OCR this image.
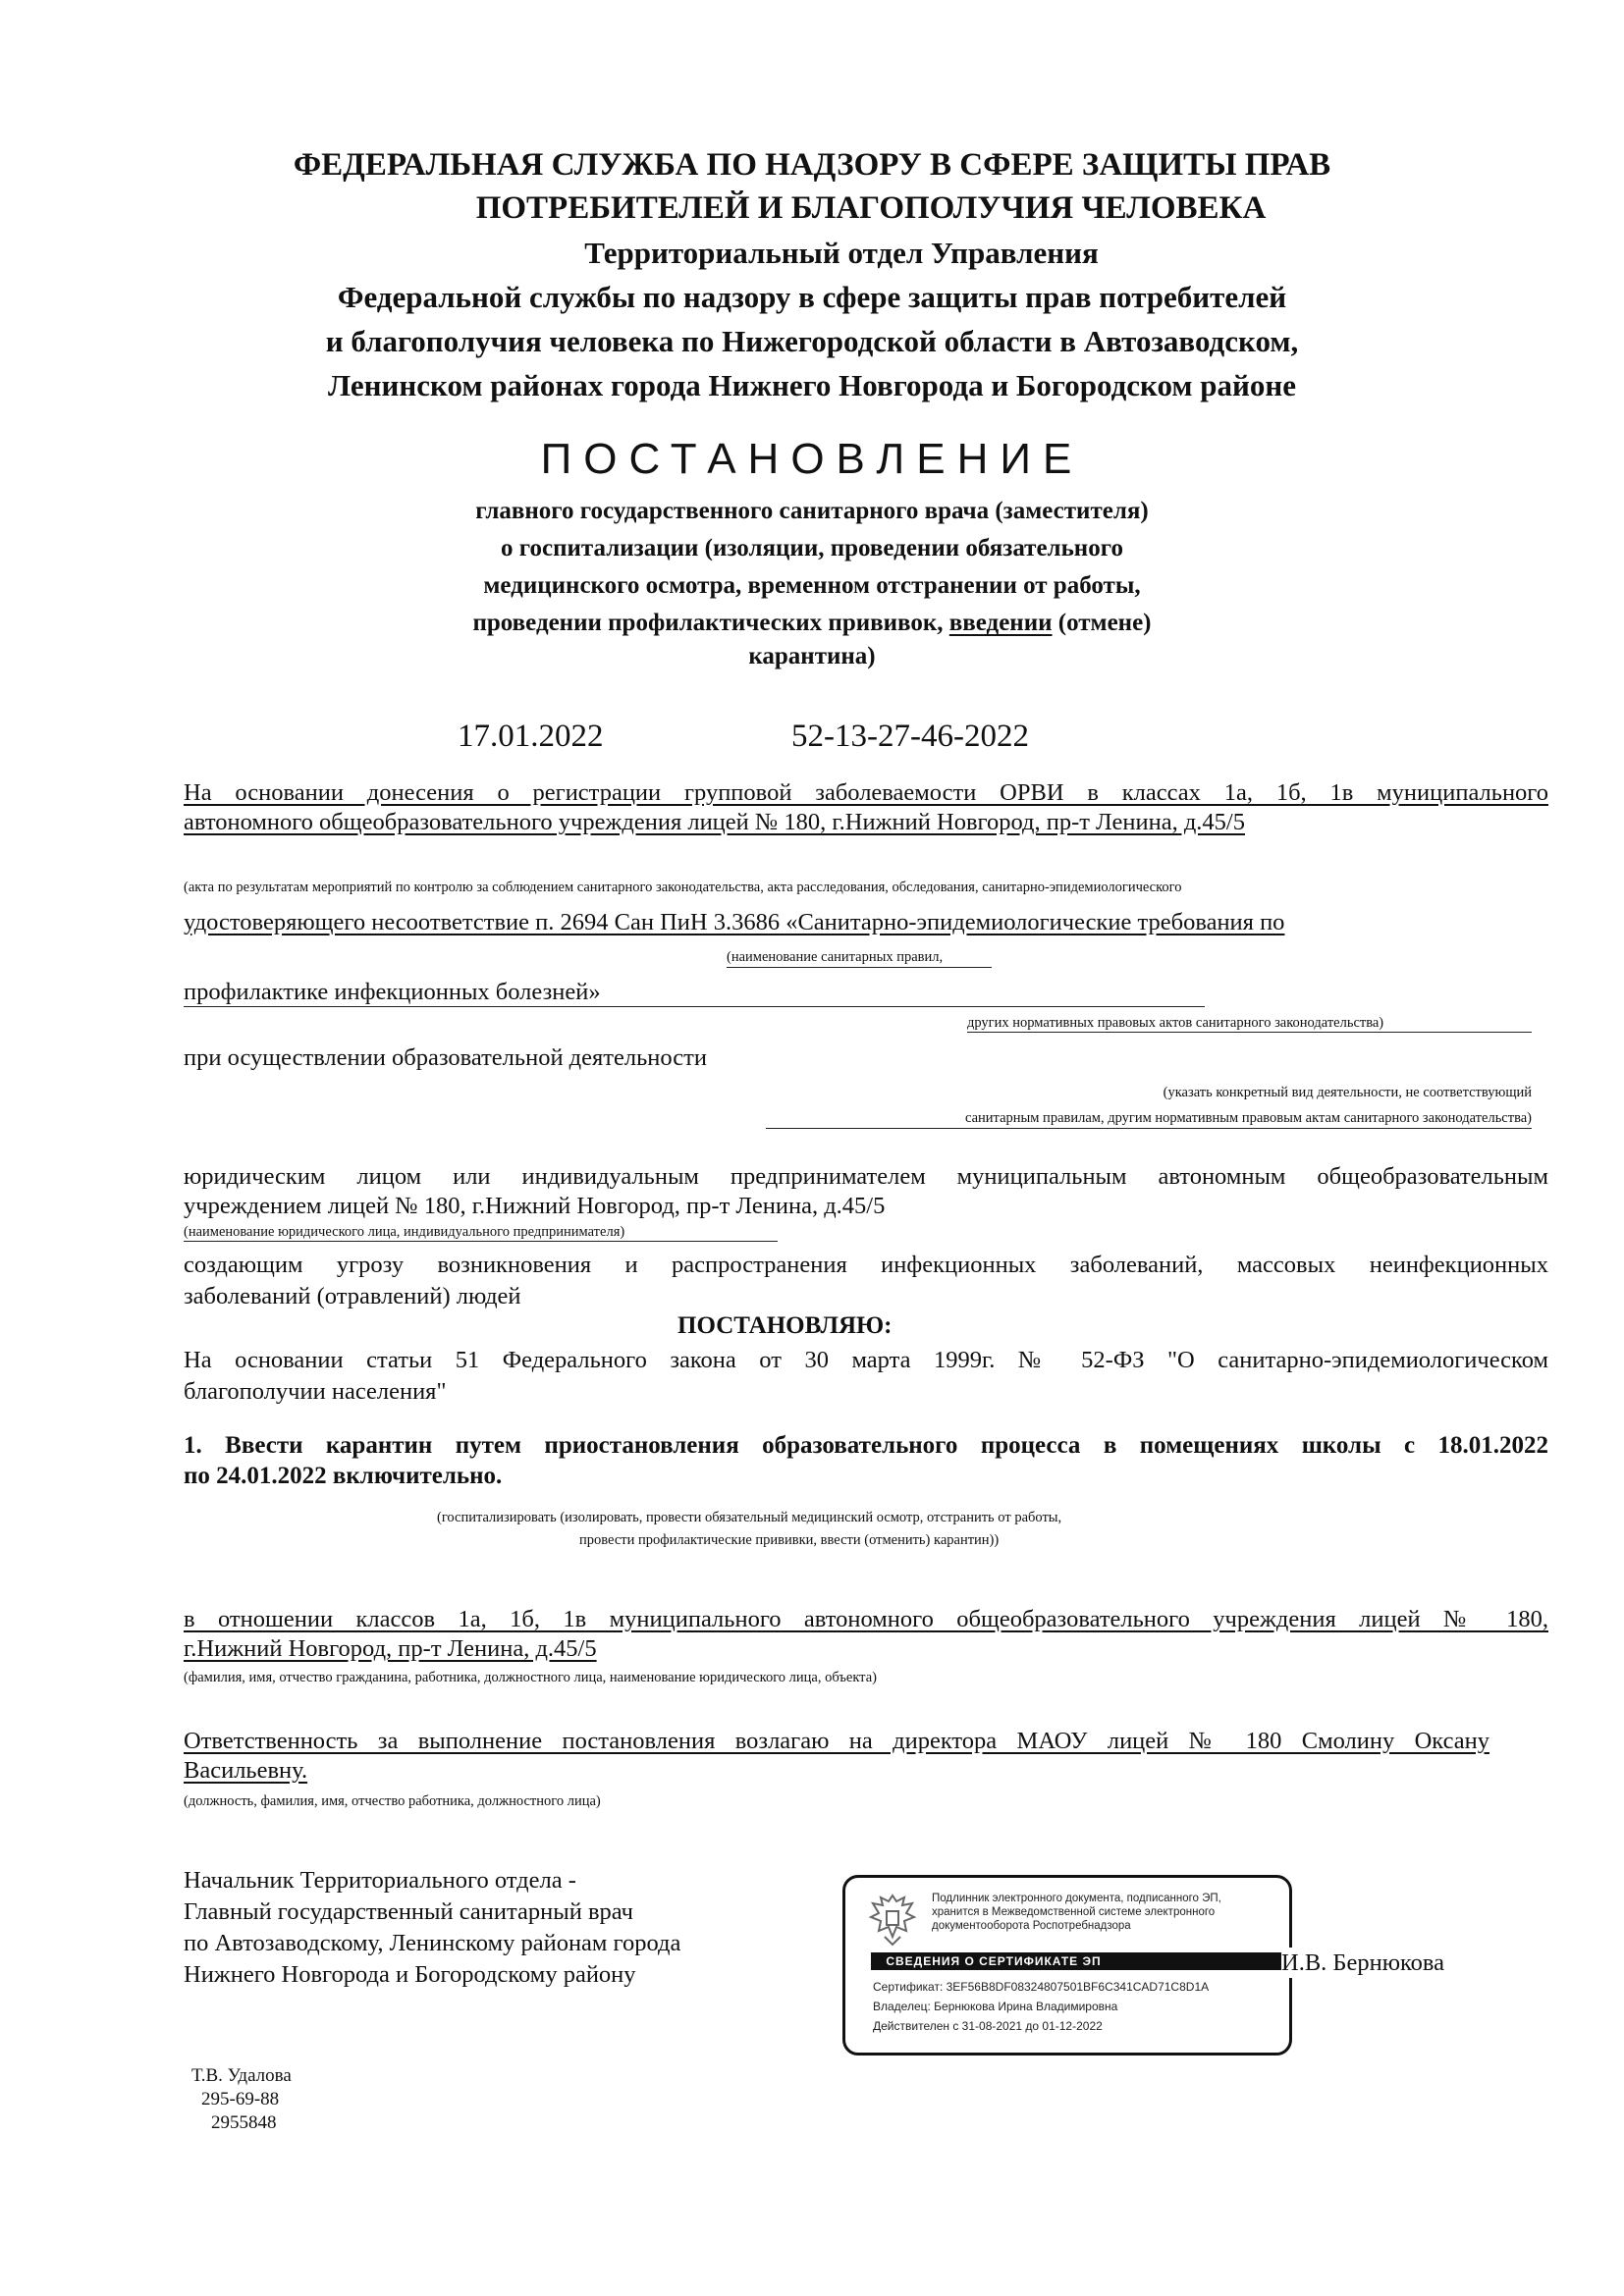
ФЕДЕРАЛЬНАЯ СЛУЖБА ПО НАДЗОРУ В СФЕРЕ ЗАЩИТЫ ПРАВ
ПОТРЕБИТЕЛЕЙ И БЛАГОПОЛУЧИЯ ЧЕЛОВЕКА
Территориальный отдел Управления
Федеральной службы по надзору в сфере защиты прав потребителей
и благополучия человека по Нижегородской области в Автозаводском,
Ленинском районах города Нижнего Новгорода и Богородском районе
ПОСТАНОВЛЕНИЕ
главного государственного санитарного врача (заместителя)
о госпитализации (изоляции, проведении обязательного
медицинского осмотра, временном отстранении от работы,
проведении профилактических прививок, введении (отмене)
карантина)
17.01.2022	52-13-27-46-2022
На основании донесения о регистрации групповой заболеваемости ОРВИ в классах 1а, 1б, 1в муниципального
автономного общеобразовательного учреждения лицей № 180, г.Нижний Новгород, пр-т Ленина, д.45/5
(акта по результатам мероприятий по контролю за соблюдением санитарного законодательства, акта расследования, обследования, санитарно-эпидемиологического
удостоверяющего несоответствие п. 2694 Сан ПиН 3.3686 «Санитарно-эпидемиологические требования по
(наименование санитарных правил,
профилактике инфекционных болезней»
других нормативных правовых актов санитарного законодательства)
при осуществлении образовательной деятельности
(указать конкретный вид деятельности, не соответствующий
санитарным правилам, другим нормативным правовым актам санитарного законодательства)
юридическим лицом или индивидуальным предпринимателем муниципальным автономным общеобразовательным
учреждением лицей № 180, г.Нижний Новгород, пр-т Ленина, д.45/5
(наименование юридического лица, индивидуального предпринимателя)
создающим угрозу возникновения и распространения инфекционных заболеваний, массовых неинфекционных
заболеваний (отравлений) людей
ПОСТАНОВЛЯЮ:
На основании статьи 51 Федерального закона от 30 марта 1999г. № 52-ФЗ "О санитарно-эпидемиологическом
благополучии населения"
1. Ввести карантин путем приостановления образовательного процесса в помещениях школы с 18.01.2022
по 24.01.2022 включительно.
(госпитализировать (изолировать, провести обязательный медицинский осмотр, отстранить от работы,
провести профилактические прививки, ввести (отменить) карантин))
в отношении классов 1а, 1б, 1в муниципального автономного общеобразовательного учреждения лицей № 180,
г.Нижний Новгород, пр-т Ленина, д.45/5
(фамилия, имя, отчество гражданина, работника, должностного лица, наименование юридического лица, объекта)
Ответственность за выполнение постановления возлагаю на директора МАОУ лицей № 180 Смолину Оксану
Васильевну.
(должность, фамилия, имя, отчество работника, должностного лица)
Начальник Территориального отдела -
Главный государственный санитарный врач
по Автозаводскому, Ленинскому районам города
Нижнего Новгорода и Богородскому району
Подлинник электронного документа, подписанного ЭП,
хранится в Межведомственной системе электронного
документооборота Роспотребнадзора
СВЕДЕНИЯ О СЕРТИФИКАТЕ ЭП
Сертификат: 3EF56B8DF08324807501BF6C341CAD71C8D1A
Владелец: Бернюкова Ирина Владимировна
Действителен с 31-08-2021 до 01-12-2022
И.В. Бернюкова
Т.В. Удалова
295-69-88
2955848
